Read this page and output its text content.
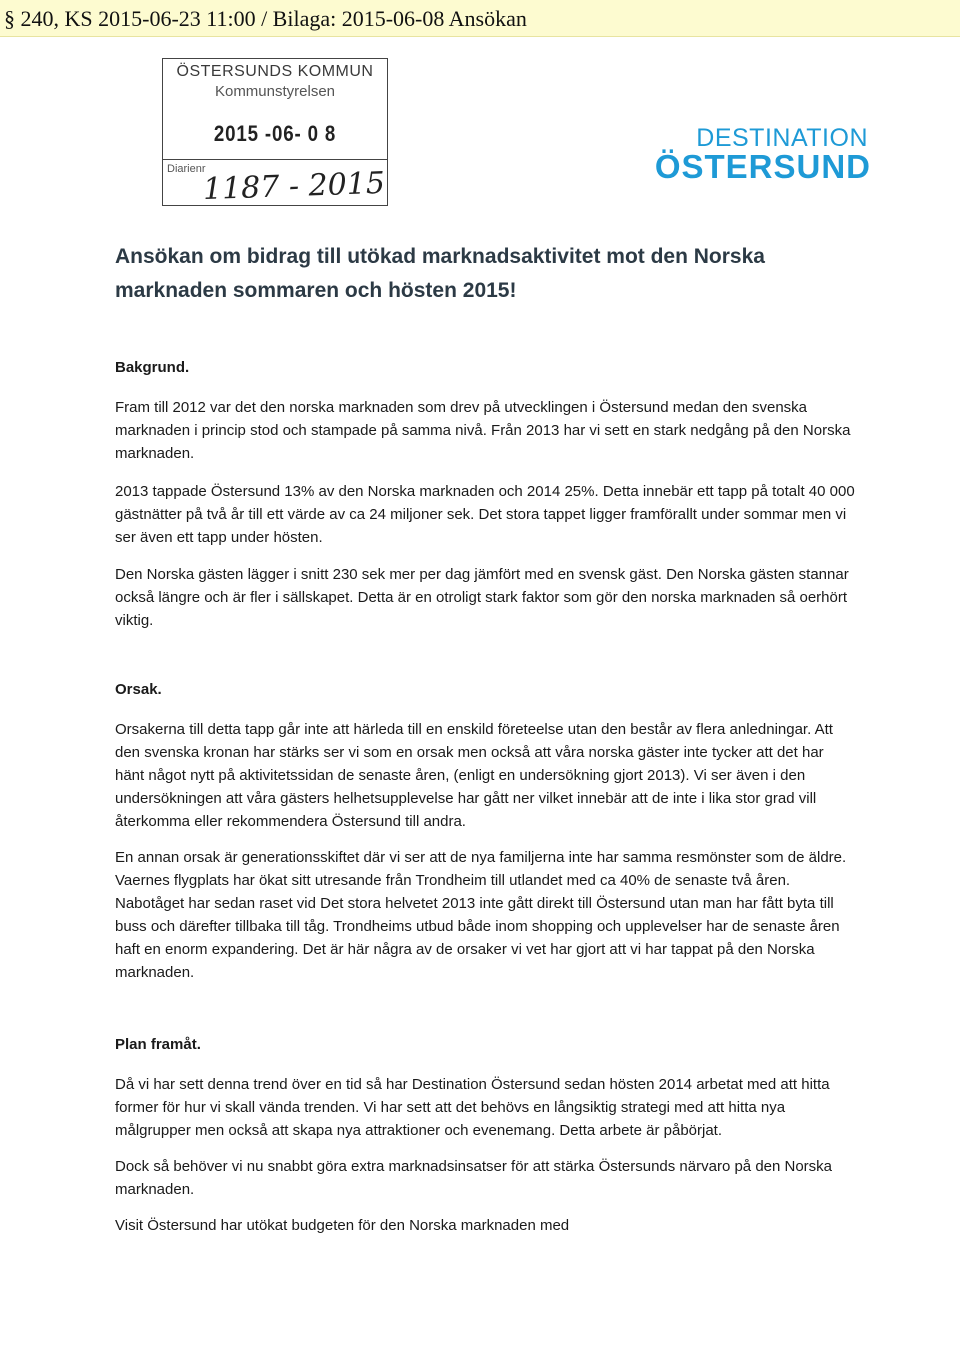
§ 240, KS 2015-06-23 11:00 / Bilaga: 2015-06-08 Ansökan
ÖSTERSUNDS KOMMUN
Kommunstyrelsen
2015 -06- 0 8
Diarienr
1187 - 2015
DESTINATION
ÖSTERSUND
Ansökan om bidrag till utökad marknadsaktivitet mot den Norska marknaden sommaren och hösten 2015!
Bakgrund.
Fram till 2012 var det den norska marknaden som drev på utvecklingen i Östersund medan den svenska marknaden i princip stod och stampade på samma nivå. Från 2013 har vi sett en stark nedgång på den Norska marknaden.
2013 tappade Östersund 13% av den Norska marknaden och 2014 25%. Detta innebär ett tapp på totalt 40 000 gästnätter på två år till ett värde av ca 24 miljoner sek. Det stora tappet ligger framförallt under sommar men vi ser även ett tapp under hösten.
Den Norska gästen lägger i snitt 230 sek mer per dag jämfört med en svensk gäst. Den Norska gästen stannar också längre och är fler i sällskapet. Detta är en otroligt stark faktor som gör den norska marknaden så oerhört viktig.
Orsak.
Orsakerna till detta tapp går inte att härleda till en enskild företeelse utan den består av flera anledningar. Att den svenska kronan har stärks ser vi som en orsak men också att våra norska gäster inte tycker att det har hänt något nytt på aktivitetssidan de senaste åren, (enligt en undersökning gjort 2013). Vi ser även i den undersökningen att våra gästers helhetsupplevelse har gått ner vilket innebär att de inte i lika stor grad vill återkomma eller rekommendera Östersund till andra.
En annan orsak är generationsskiftet där vi ser att de nya familjerna inte har samma resmönster som de äldre. Vaernes flygplats har ökat sitt utresande från Trondheim till utlandet med ca 40% de senaste två åren. Nabotåget har sedan raset vid Det stora helvetet 2013 inte gått direkt till Östersund utan man har fått byta till buss och därefter tillbaka till tåg. Trondheims utbud både inom shopping och upplevelser har de senaste åren haft en enorm expandering. Det är här några av de orsaker vi vet har gjort att vi har tappat på den Norska marknaden.
Plan framåt.
Då vi har sett denna trend över en tid så har Destination Östersund sedan hösten 2014 arbetat med att hitta former för hur vi skall vända trenden. Vi har sett att det behövs en långsiktig strategi med att hitta nya målgrupper men också att skapa nya attraktioner och evenemang. Detta arbete är påbörjat.
Dock så behöver vi nu snabbt göra extra marknadsinsatser för att stärka Östersunds närvaro på den Norska marknaden.
Visit Östersund har utökat budgeten för den Norska marknaden med
